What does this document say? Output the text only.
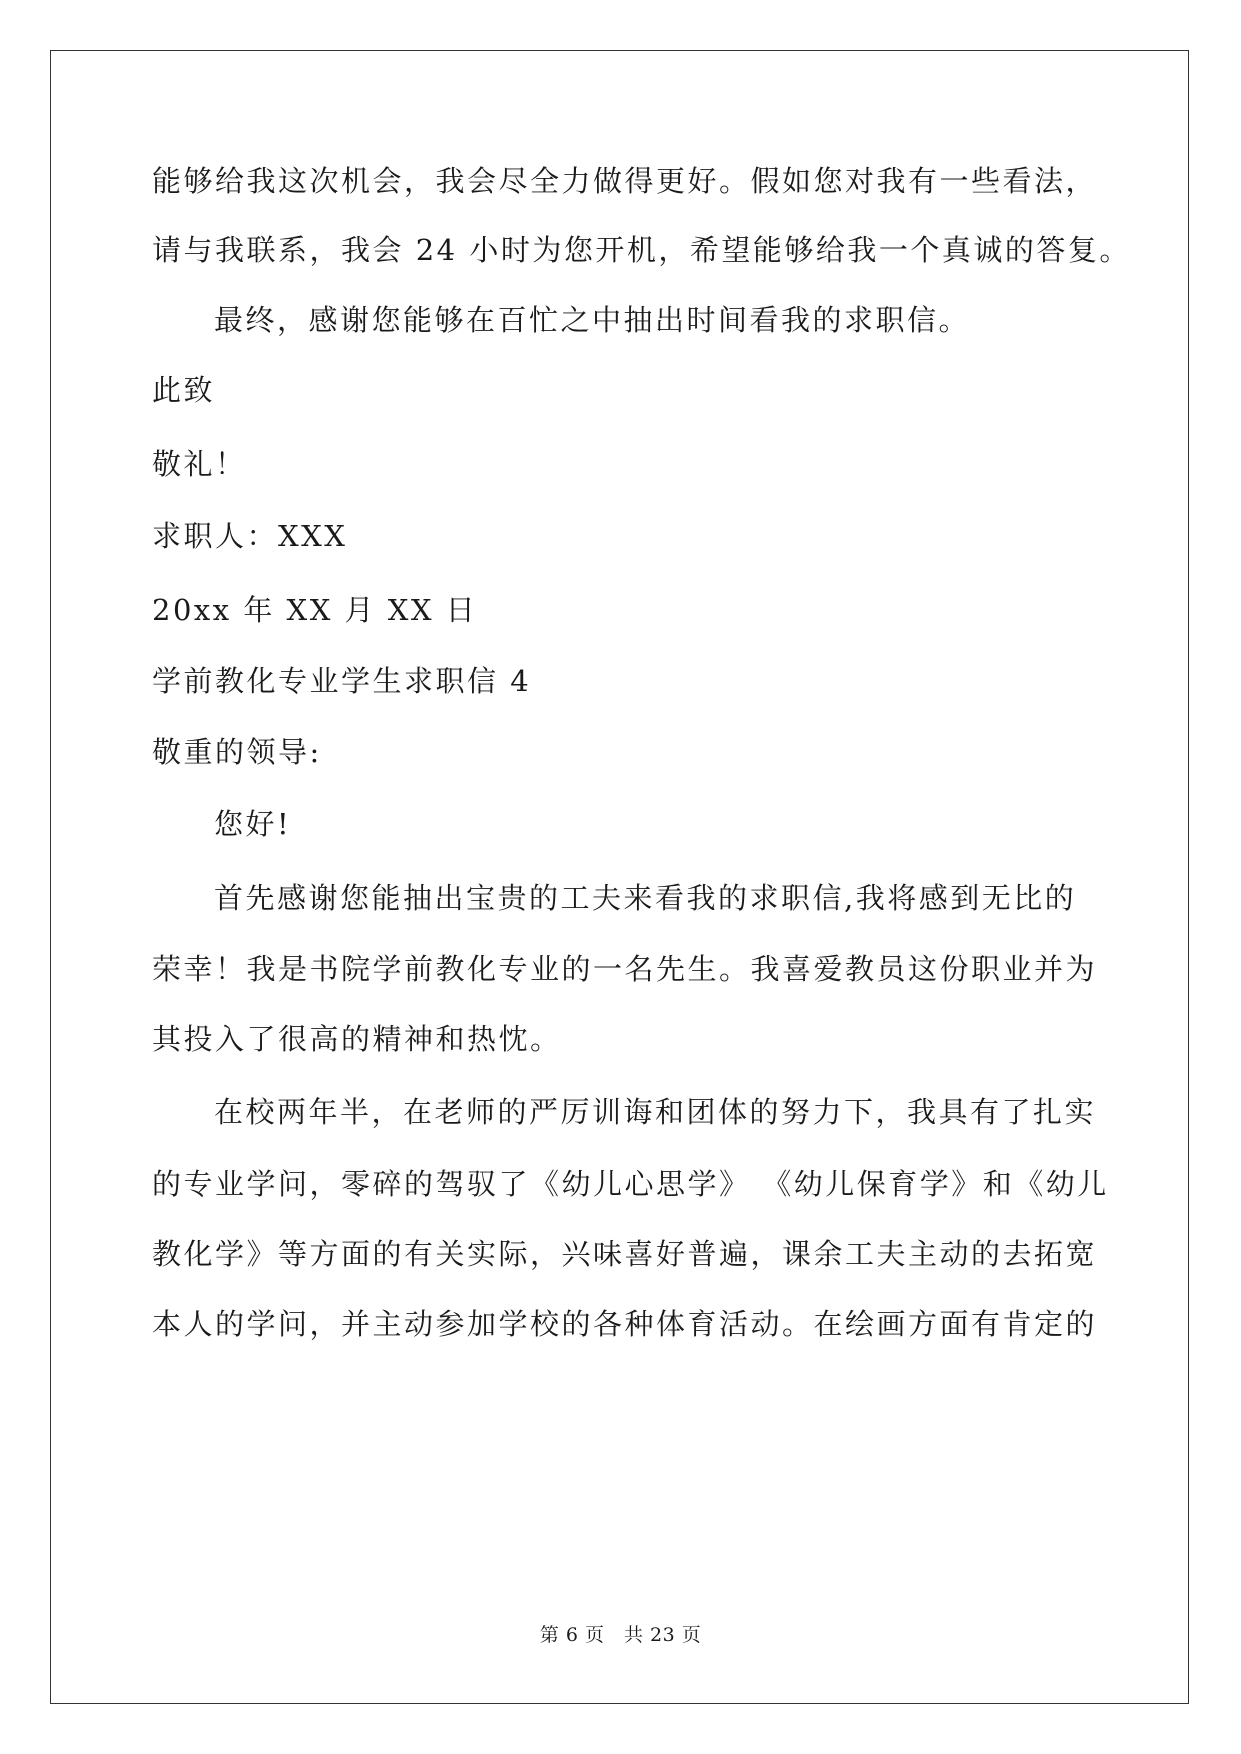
能够给我这次机会，我会尽全力做得更好。假如您对我有一些看法，
请与我联系，我会 24 小时为您开机，希望能够给我一个真诚的答复。
最终，感谢您能够在百忙之中抽出时间看我的求职信。
此致
敬礼！
求职人：XXX
20xx 年 XX 月 XX 日
学前教化专业学生求职信 4
敬重的领导:
您好!
首先感谢您能抽出宝贵的工夫来看我的求职信,我将感到无比的
荣幸！我是书院学前教化专业的一名先生。我喜爱教员这份职业并为
其投入了很高的精神和热忱。
在校两年半，在老师的严厉训诲和团体的努力下，我具有了扎实
的专业学问，零碎的驾驭了《幼儿心思学》 《幼儿保育学》和《幼儿
教化学》等方面的有关实际，兴味喜好普遍，课余工夫主动的去拓宽
本人的学问，并主动参加学校的各种体育活动。在绘画方面有肯定的
第 6 页　共 23 页
